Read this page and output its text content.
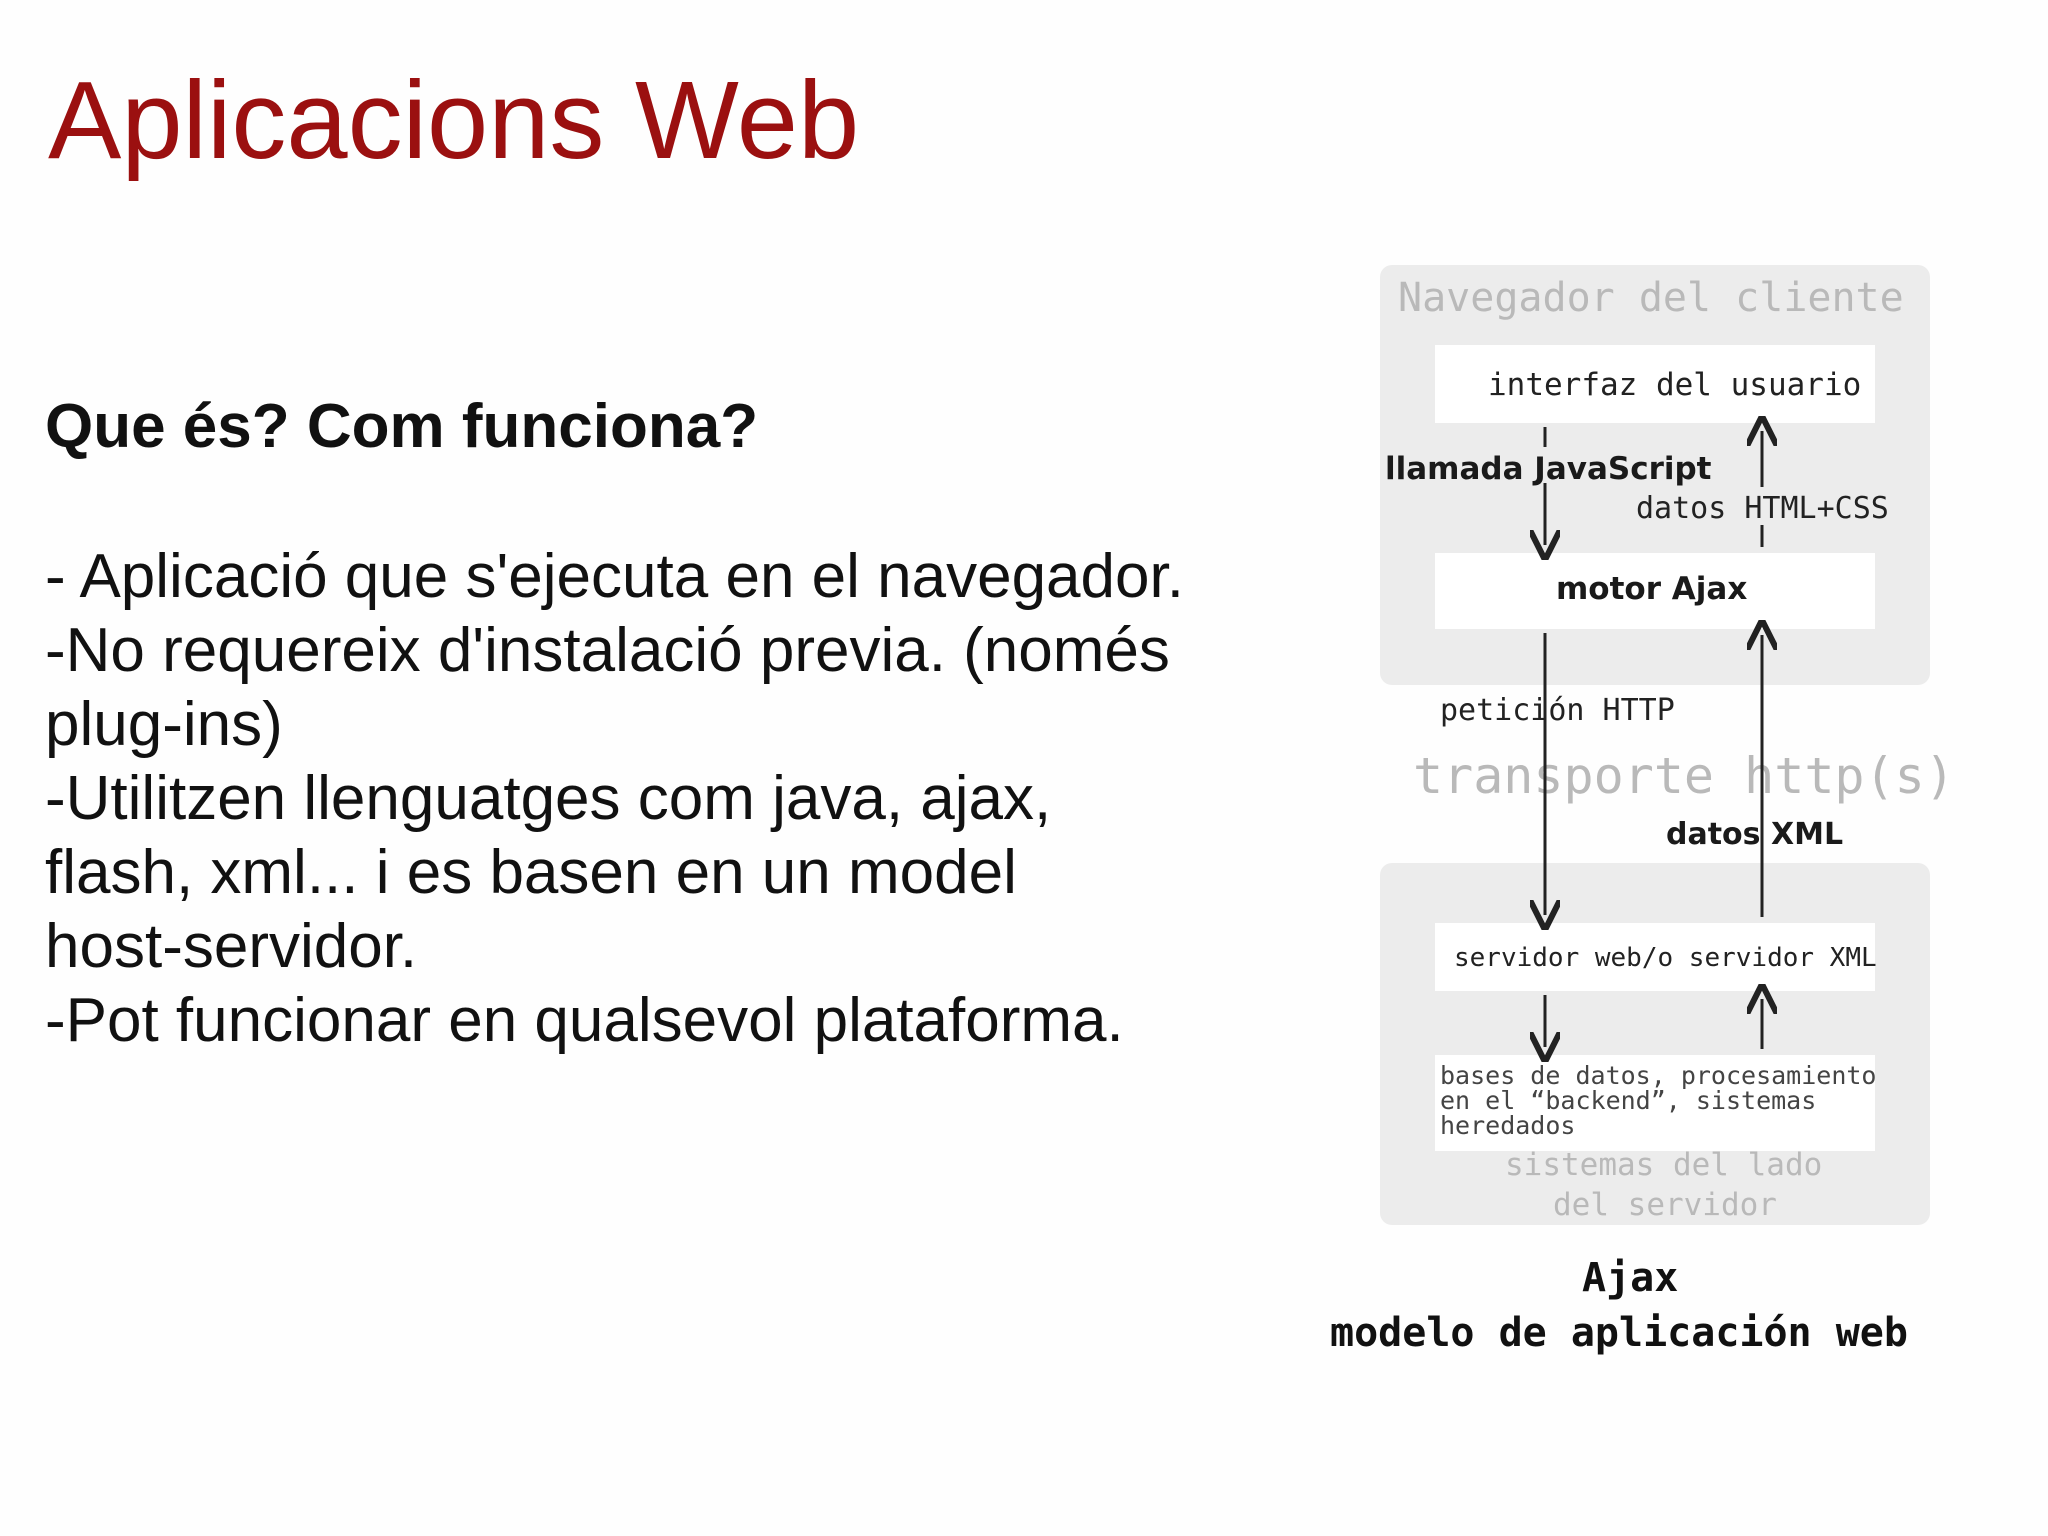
Aplicacions Web
Que és? Com funciona?
- Aplicació que s'ejecuta en el navegador.
-No requereix d'instalació previa. (només
plug-ins)
-Utilitzen llenguatges com java, ajax,
flash, xml... i es basen en un model
host-servidor.
-Pot funcionar en qualsevol plataforma.
Navegador del cliente
interfaz del usuario
llamada JavaScript
datos HTML+CSS
motor Ajax
petición HTTP
transporte http(s)
datos XML
servidor web/o servidor XML
bases de datos, procesamiento
en el “backend”, sistemas
heredados
sistemas del lado
del servidor
Ajax
modelo de aplicación web
